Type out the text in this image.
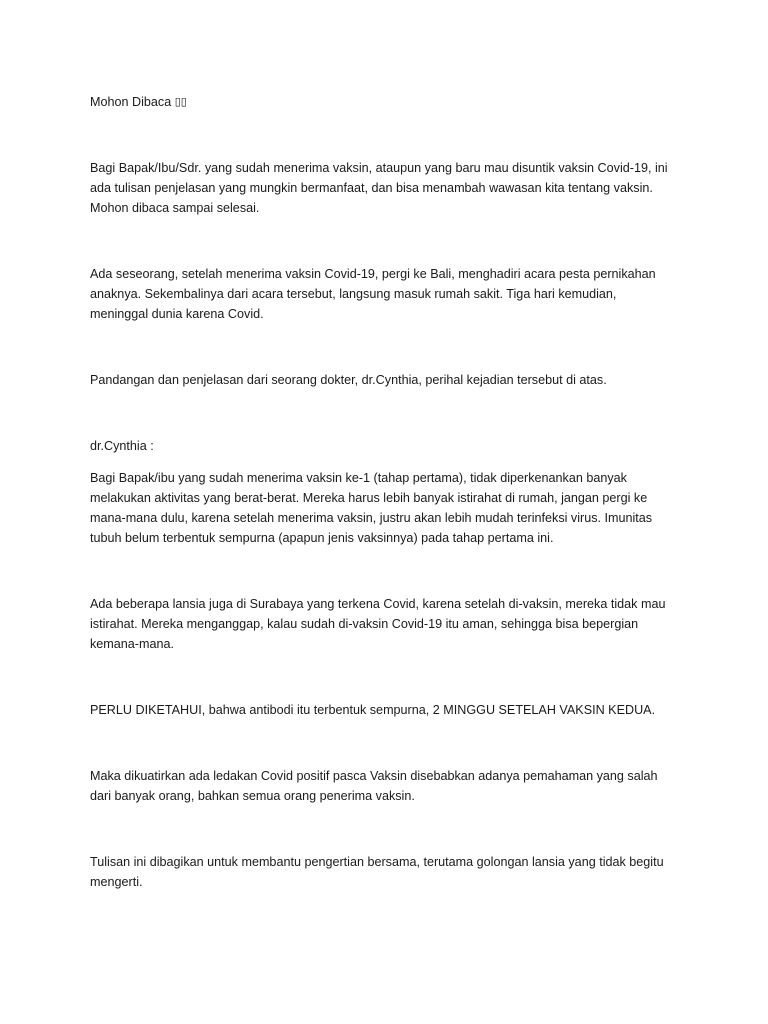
Mohon Dibaca ▯▯

Bagi Bapak/Ibu/Sdr. yang sudah menerima vaksin, ataupun yang baru mau disuntik vaksin Covid-19, ini ada tulisan penjelasan yang mungkin bermanfaat, dan bisa menambah wawasan kita tentang vaksin. Mohon dibaca sampai selesai.

Ada seseorang, setelah menerima vaksin Covid-19, pergi ke Bali, menghadiri acara pesta pernikahan anaknya. Sekembalinya dari acara tersebut, langsung masuk rumah sakit. Tiga hari kemudian, meninggal dunia karena Covid.

Pandangan dan penjelasan dari seorang dokter, dr.Cynthia, perihal kejadian tersebut di atas.

dr.Cynthia :

Bagi Bapak/ibu yang sudah menerima vaksin ke-1 (tahap pertama), tidak diperkenankan banyak melakukan aktivitas yang berat-berat. Mereka harus lebih banyak istirahat di rumah, jangan pergi ke mana-mana dulu, karena setelah menerima vaksin, justru akan lebih mudah terinfeksi virus. Imunitas tubuh belum terbentuk sempurna (apapun jenis vaksinnya) pada tahap pertama ini.

Ada beberapa lansia juga di Surabaya yang terkena Covid, karena setelah di-vaksin, mereka tidak mau istirahat. Mereka menganggap, kalau sudah di-vaksin Covid-19 itu aman, sehingga bisa bepergian kemana-mana.

PERLU DIKETAHUI, bahwa antibodi itu terbentuk sempurna, 2 MINGGU SETELAH VAKSIN KEDUA.

Maka dikuatirkan ada ledakan Covid positif pasca Vaksin disebabkan adanya pemahaman yang salah dari banyak orang, bahkan semua orang penerima vaksin.

Tulisan ini dibagikan untuk membantu pengertian bersama, terutama golongan lansia yang tidak begitu mengerti.
